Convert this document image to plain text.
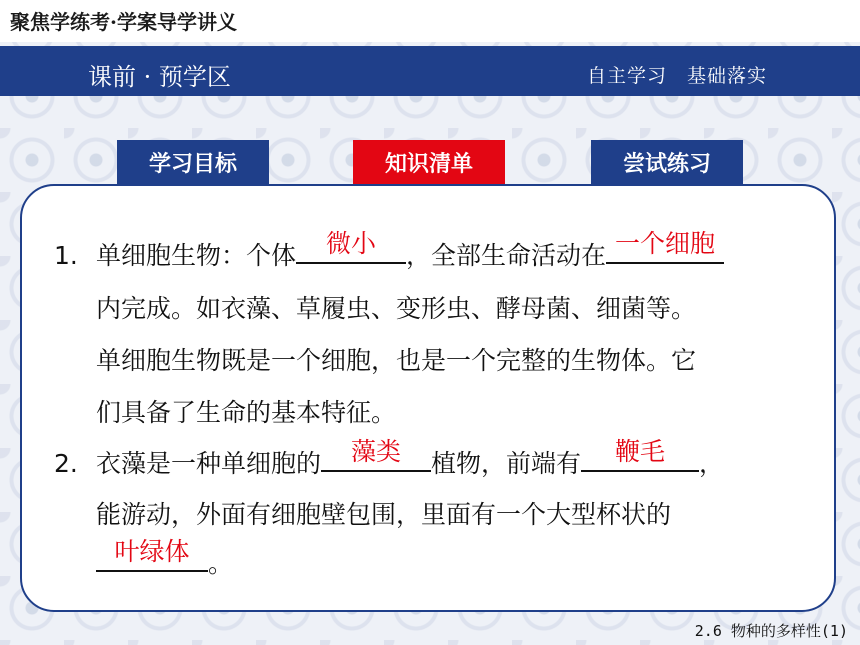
聚焦学练考·学案导学讲义
课前 · 预学区	自主学习　基础落实
学习目标	知识清单	尝试练习
1. 单细胞生物：个体	微小	，全部生命活动在 一个细胞
内完成。如衣藻、草履虫、变形虫、酵母菌、细菌等。
单细胞生物既是一个细胞，也是一个完整的生物体。它
们具备了生命的基本特征。
2. 衣藻是一种单细胞的	藻类	植物，前端有	鞭毛	，
能游动，外面有细胞壁包围，里面有一个大型杯状的
叶绿体 。
2.6 物种的多样性(1)
